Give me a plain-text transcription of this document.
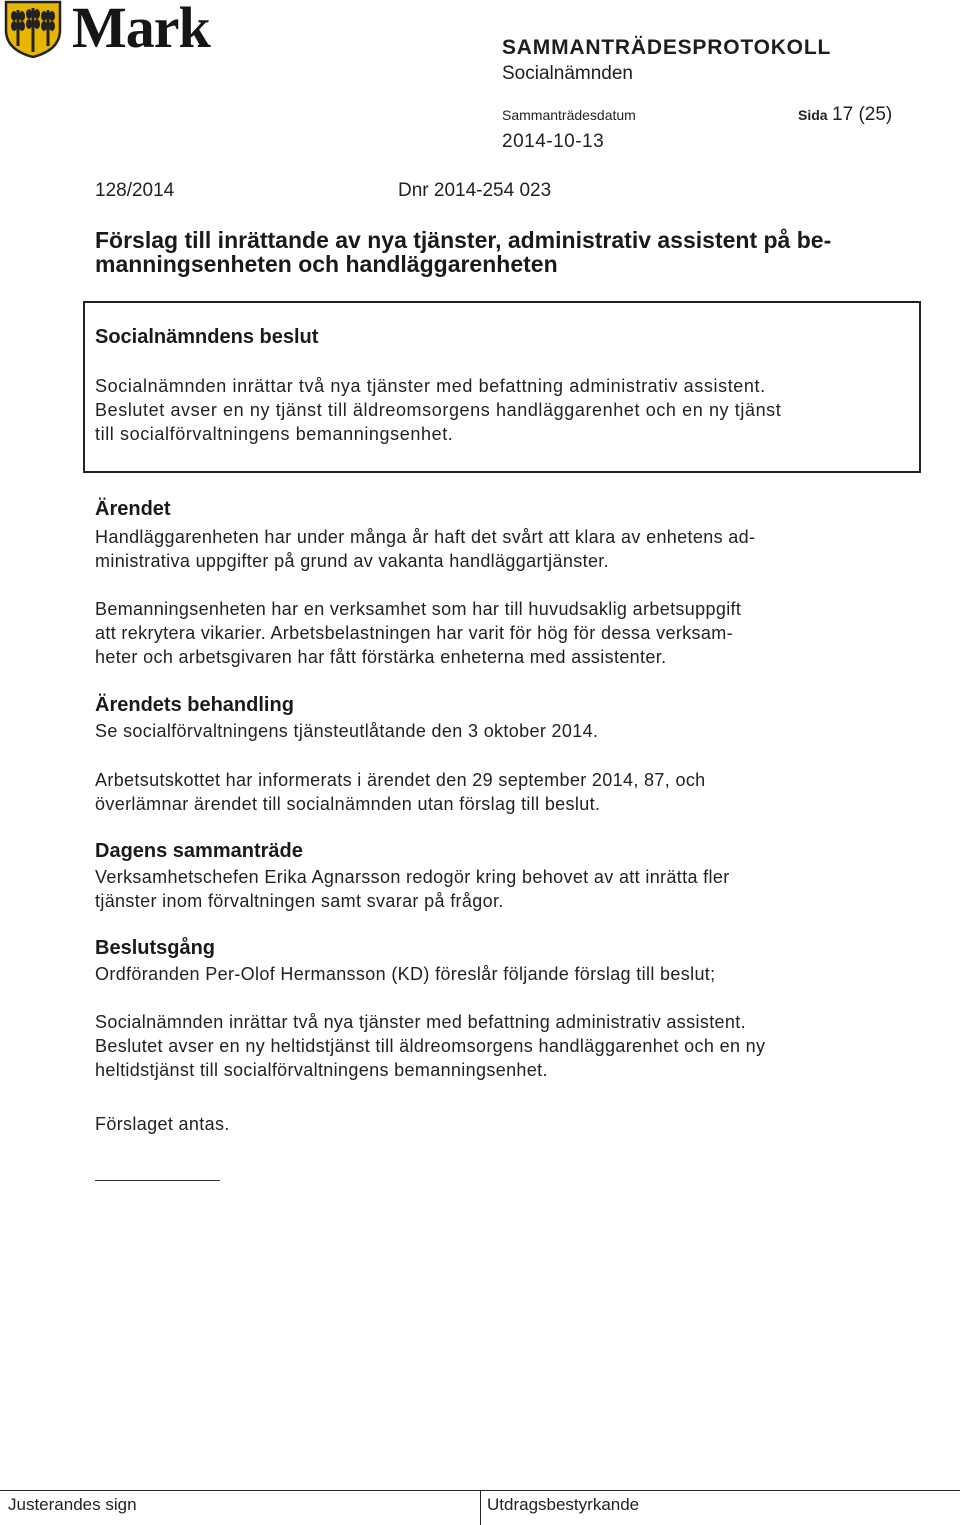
Mark	SAMMANTRÄDESPROTOKOLL
Socialnämnden
Sammanträdesdatum	Sida 17 (25)
2014-10-13
128/2014	Dnr 2014-254 023
Förslag till inrättande av nya tjänster, administrativ assistent på be-
manningsenheten och handläggarenheten
Socialnämndens beslut
Socialnämnden inrättar två nya tjänster med befattning administrativ assistent.
Beslutet avser en ny tjänst till äldreomsorgens handläggarenhet och en ny tjänst
till socialförvaltningens bemanningsenhet.
Ärendet
Handläggarenheten har under många år haft det svårt att klara av enhetens ad-
ministrativa uppgifter på grund av vakanta handläggartjänster.
Bemanningsenheten har en verksamhet som har till huvudsaklig arbetsuppgift
att rekrytera vikarier. Arbetsbelastningen har varit för hög för dessa verksam-
heter och arbetsgivaren har fått förstärka enheterna med assistenter.
Ärendets behandling
Se socialförvaltningens tjänsteutlåtande den 3 oktober 2014.
Arbetsutskottet har informerats i ärendet den 29 september 2014, 87, och
överlämnar ärendet till socialnämnden utan förslag till beslut.
Dagens sammanträde
Verksamhetschefen Erika Agnarsson redogör kring behovet av att inrätta fler
tjänster inom förvaltningen samt svarar på frågor.
Beslutsgång
Ordföranden Per-Olof Hermansson (KD) föreslår följande förslag till beslut;
Socialnämnden inrättar två nya tjänster med befattning administrativ assistent.
Beslutet avser en ny heltidstjänst till äldreomsorgens handläggarenhet och en ny
heltidstjänst till socialförvaltningens bemanningsenhet.
Förslaget antas.
Justerandes sign	Utdragsbestyrkande
